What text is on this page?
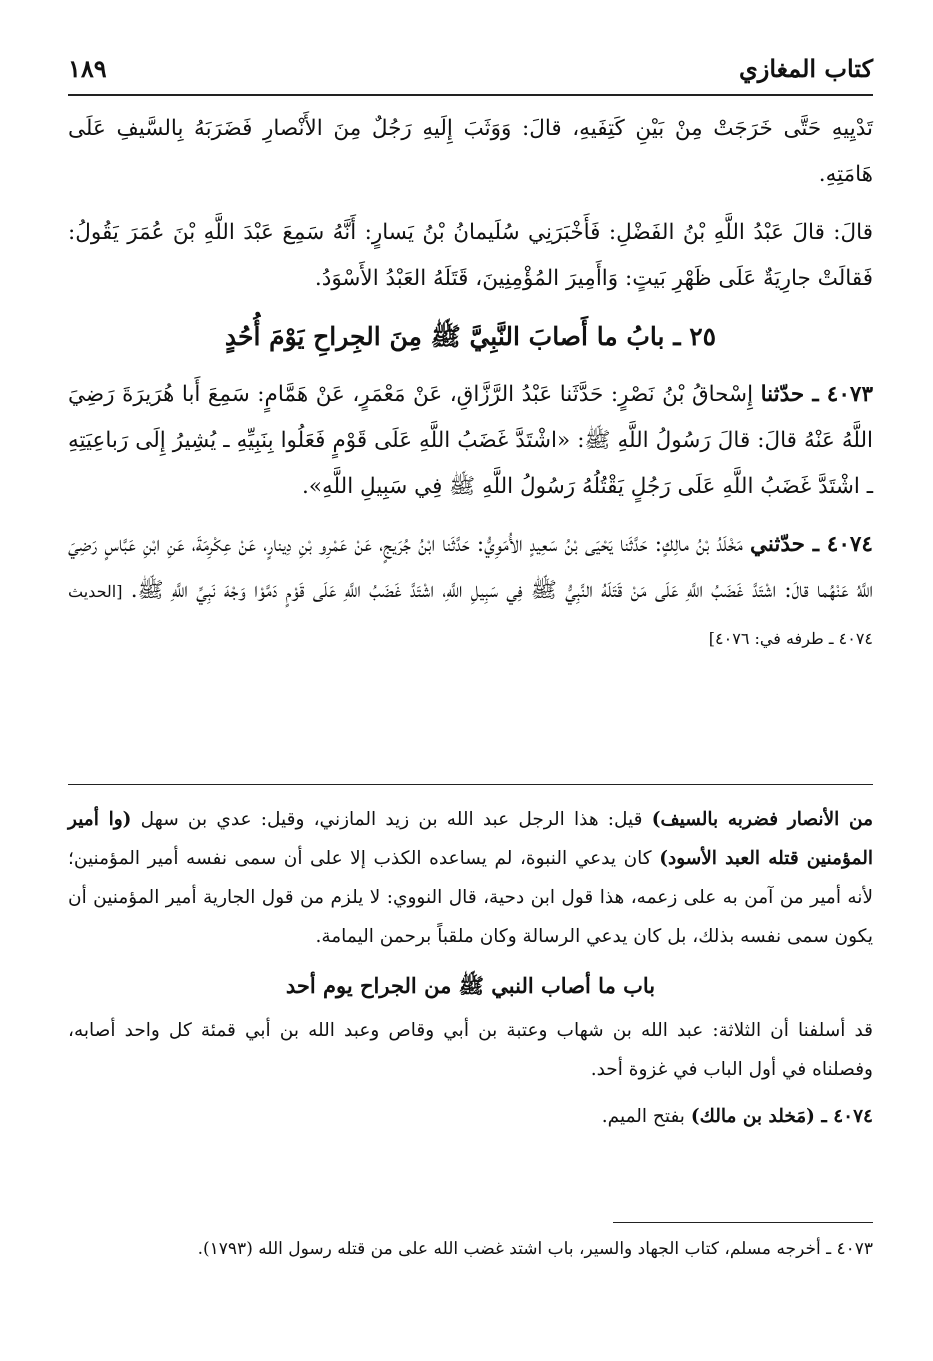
كتاب المغازي
١٨٩

تَدْيِيهِ حَتَّى خَرَجَتْ مِنْ بَيْنِ كَتِفَيهِ، قالَ: وَوَثَبَ إِلَيهِ رَجُلٌ مِنَ الأَنْصارِ فَضَرَبَهُ بِالسَّيفِ عَلَى هَامَتِهِ.

قالَ: قالَ عَبْدُ اللَّهِ بْنُ الفَضْلِ: فَأَخْبَرَنِي سُلَيمانُ بْنُ يَسارٍ: أَنَّهُ سَمِعَ عَبْدَ اللَّهِ بْنَ عُمَرَ يَقُولُ: فَقالَتْ جارِيَةٌ عَلَى ظَهْرِ بَيتٍ: وَاأَمِيرَ المُؤْمِنِينَ، قَتَلَهُ العَبْدُ الأَسْوَدُ.

٢٥ ـ بابُ ما أَصابَ النَّبِيَّ ﷺ مِنَ الجِراحِ يَوْمَ أُحُدٍ

٤٠٧٣ ـ حدّثنا إِسْحاقُ بْنُ نَصْرٍ: حَدَّثَنا عَبْدُ الرَّزَّاقِ، عَنْ مَعْمَرٍ، عَنْ هَمَّامٍ: سَمِعَ أَبا هُرَيرَةَ رَضِيَ اللَّهُ عَنْهُ قالَ: قالَ رَسُولُ اللَّهِ ﷺ: «اشْتَدَّ غَضَبُ اللَّهِ عَلَى قَوْمٍ فَعَلُوا بِنَبِيِّهِ ـ يُشِيرُ إِلَى رَباعِيَتِهِ ـ اشْتَدَّ غَضَبُ اللَّهِ عَلَى رَجُلٍ يَقْتُلُهُ رَسُولُ اللَّهِ ﷺ فِي سَبِيلِ اللَّهِ».

٤٠٧٤ ـ حدّثني مَخْلَدُ بْنُ مالِكٍ: حَدَّثَنا يَحْيَى بْنُ سَعِيدٍ الأُمَوِيُّ: حَدَّثَنا ابْنُ جُرَيجٍ، عَنْ عَمْرِو بْنِ دِينارٍ، عَنْ عِكْرِمَةَ، عَنِ ابْنِ عَبَّاسٍ رَضِيَ اللَّهُ عَنْهُما قالَ: اشْتَدَّ غَضَبُ اللَّهِ عَلَى مَنْ قَتَلَهُ النَّبِيُّ ﷺ فِي سَبِيلِ اللَّهِ، اشْتَدَّ غَضَبُ اللَّهِ عَلَى قَوْمٍ دَمَّوْا وَجْهَ نَبِيِّ اللَّهِ ﷺ. [الحديث ٤٠٧٤ ـ طرفه في: ٤٠٧٦]

من الأنصار فضربه بالسيف) قيل: هذا الرجل عبد الله بن زيد المازني، وقيل: عدي بن سهل (وا أمير المؤمنين قتله العبد الأسود) كان يدعي النبوة، لم يساعده الكذب إلا على أن سمى نفسه أمير المؤمنين؛ لأنه أمير من آمن به على زعمه، هذا قول ابن دحية، قال النووي: لا يلزم من قول الجارية أمير المؤمنين أن يكون سمى نفسه بذلك، بل كان يدعي الرسالة وكان ملقباً برحمن اليمامة.

باب ما أصاب النبي ﷺ من الجراح يوم أحد

قد أسلفنا أن الثلاثة: عبد الله بن شهاب وعتبة بن أبي وقاص وعبد الله بن أبي قمئة كل واحد أصابه، وفصلناه في أول الباب في غزوة أحد.

٤٠٧٤ ـ (مَخلد بن مالك) بفتح الميم.

٤٠٧٣ ـ أخرجه مسلم، كتاب الجهاد والسير، باب اشتد غضب الله على من قتله رسول الله (١٧٩٣).
